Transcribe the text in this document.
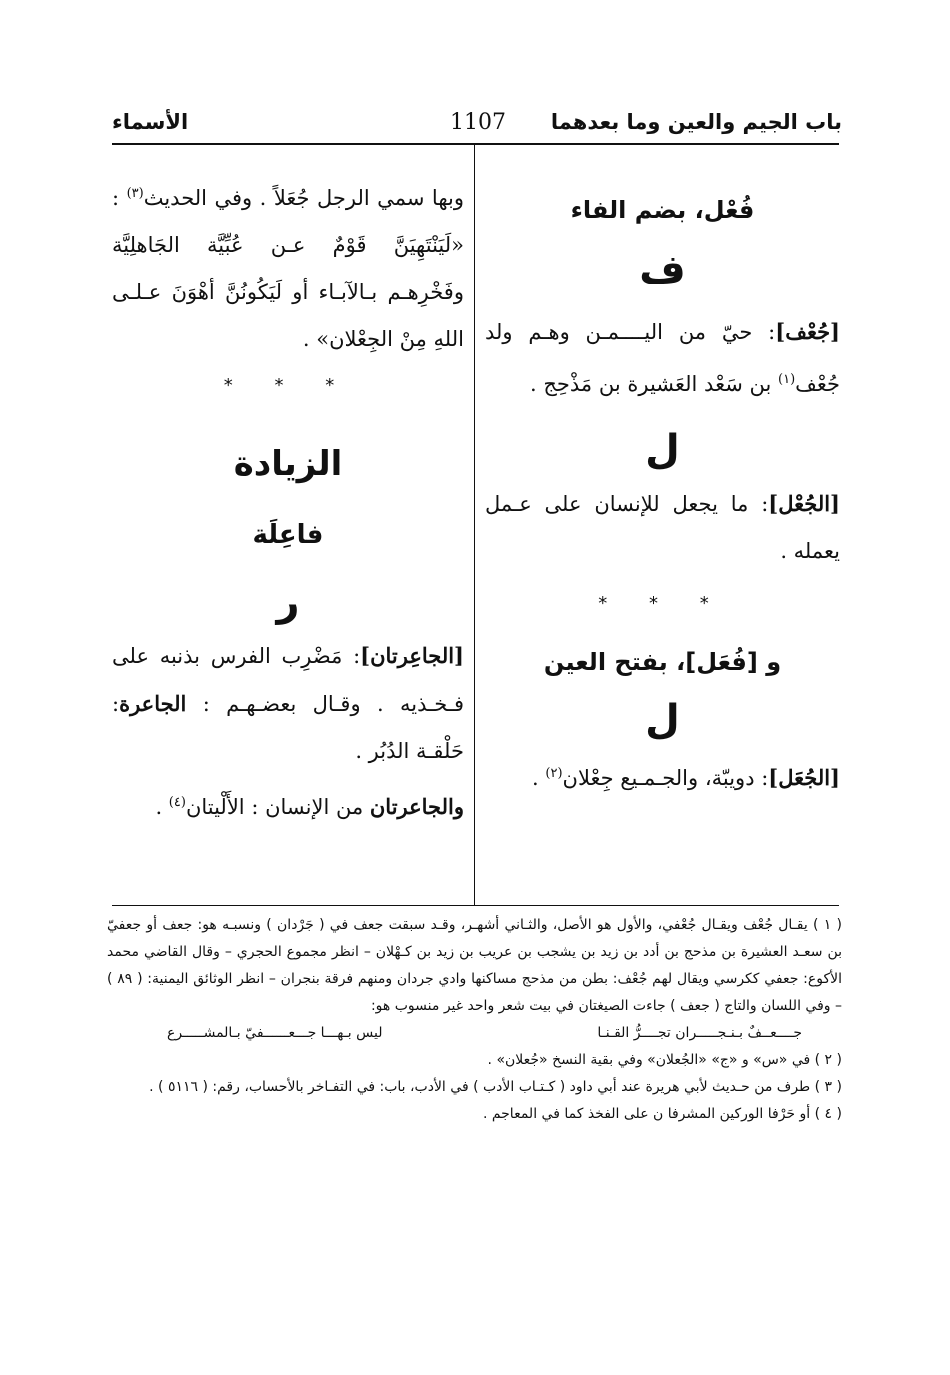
باب الجيم والعين وما بعدهما
1107
الأسماء

فُعْل، بضم الفاء

ف

[جُعْف]: حيّ من اليــــمـن وهـم ولد جُعْف$^{(١)}$ بن سَعْد العَشيرة بن مَذْحِج .

ل

[الجُعْل]: ما يجعل للإنسان على عـمل يعمله .

* * *

و [فُعَل]، بفتح العين

ل

[الجُعَل]: دويبّة، والجـمـيع جِعْلان$^{(٢)}$ .

وبها سمي الرجل جُعَلاً . وفي الحديث$^{(٣)}$ : «لَيَنْتَهِيَنَّ قَوْمٌ عـن عُبِّيَّة الجَاهلِيَّة وفَخْرِهـم بـالآبـاء أو لَيَكُونُنَّ أهْوَنَ عـلـى اللهِ مِنْ الجِعْلان» .

* * *

الزيادة

فاعِلَة

ر

[الجاعِرتان]: مَضْرِب الفرس بذنبه على فـخـذيه . وقـال بعضـهـم : الجاعرة: حَلْقـة الدُبُر .

والجاعرتان من الإنسان : الأَلْيتان$^{(٤)}$ .

( ١ ) يقـال جُعْف ويقـال جُعْفي، والأول هو الأصل، والثـاني أشهـر، وقـد سبقت جعف في ( جَرْدان ) ونسبـه هو: جعف أو جعفيّ بن سعـد العشيرة بن مذحج بن أدد بن زيد بن يشجب بن عريب بن زيد بن كـهْلان – انظر مجموع الحجري – وقال القاضي محمد الأكوع: جعفي ككرسي ويقال لهم جُعْف: بطن من مذحج مساكنها وادي جردان ومنهم فرقة بنجران – انظر الوثائق اليمنية: ( ٨٩ ) – وفي اللسان والتاج ( جعف ) جاءت الصيغتان في بيت شعر واحد غير منسوب هو:

جــــعــفٌ بـنـجـــــران تجــــرُّ القـنـا
ليس بـهـــا جـــعــــــفيّ بـالمشـــــرع

( ٢ ) في «س» و «ج» «الجُعلان» وفي بقية النسخ «جُعلان» .

( ٣ ) طرف من حـديث لأبي هريرة عند أبي داود ( كـتـاب الأدب ) في الأدب، باب: في التفـاخر بالأحساب، رقم: ( ٥١١٦ ) .

( ٤ ) أو حَرْفا الوركين المشرفا ن على الفخذ كما في المعاجم .
